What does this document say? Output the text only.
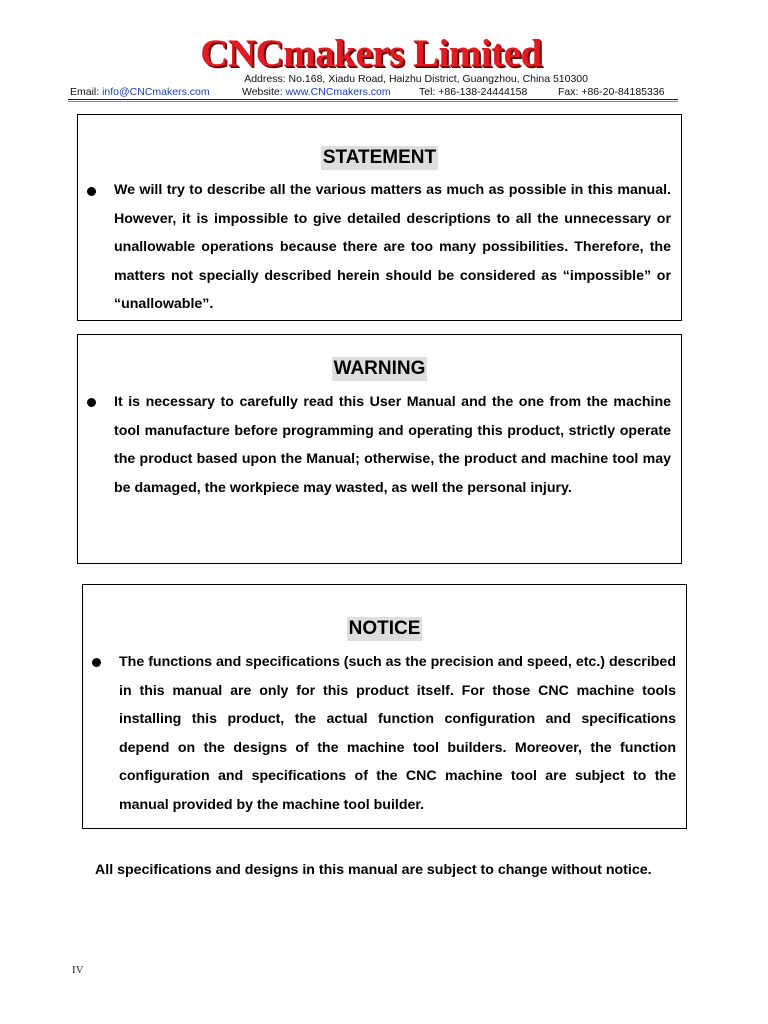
CNCmakers Limited
Address: No.168, Xiadu Road, Haizhu District, Guangzhou, China 510300
Email: info@CNCmakers.com	Website: www.CNCmakers.com	Tel: +86-138-24444158	Fax: +86-20-84185336
STATEMENT
We will try to describe all the various matters as much as possible in this manual. However, it is impossible to give detailed descriptions to all the unnecessary or unallowable operations because there are too many possibilities. Therefore, the matters not specially described herein should be considered as “impossible” or “unallowable”.
WARNING
It is necessary to carefully read this User Manual and the one from the machine tool manufacture before programming and operating this product, strictly operate the product based upon the Manual; otherwise, the product and machine tool may be damaged, the workpiece may wasted, as well the personal injury.
NOTICE
The functions and specifications (such as the precision and speed, etc.) described in this manual are only for this product itself. For those CNC machine tools installing this product, the actual function configuration and specifications depend on the designs of the machine tool builders. Moreover, the function configuration and specifications of the CNC machine tool are subject to the manual provided by the machine tool builder.
All specifications and designs in this manual are subject to change without notice.
IV
